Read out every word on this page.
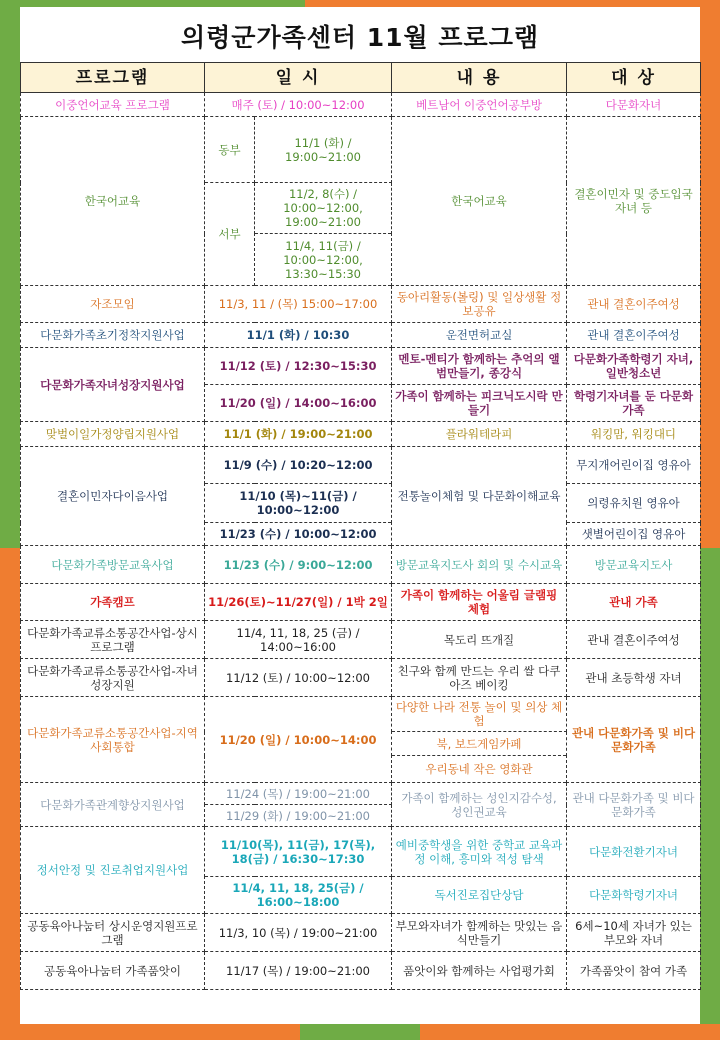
의령군가족센터 11월 프로그램
프로그램	일 시		내 용	대 상
이중언어교육 프로그램	매주 (토) / 10:00~12:00		베트남어 이중언어공부방	다문화자녀
한국어교육	동부	11/1 (화) / 19:00~21:00	한국어교육	결혼이민자 및 중도입국자녀 등
	서부	11/2, 8(수) / 10:00~12:00, 19:00~21:00		
		11/4, 11(금) / 10:00~12:00, 13:30~15:30		
자조모임	11/3, 11 / (목) 15:00~17:00		동아리활동(볼링) 및 일상생활 정보공유	관내 결혼이주여성
다문화가족초기정착지원사업	11/1 (화) / 10:30		운전면허교실	관내 결혼이주여성
다문화가족자녀성장지원사업	11/12 (토) / 12:30~15:30		멘토-멘티가 함께하는 추억의 앨범만들기, 종강식	다문화가족학령기 자녀, 일반청소년
	11/20 (일) / 14:00~16:00		가족이 함께하는 피크닉도시락 만들기	학령기자녀를 둔 다문화가족
맞벌이일가정양립지원사업	11/1 (화) / 19:00~21:00		플라워테라피	워킹맘, 워킹대디
결혼이민자다이음사업	11/9 (수) / 10:20~12:00		전통놀이체험 및 다문화이해교육	무지개어린이집 영유아
	11/10 (목)~11(금) / 10:00~12:00			의령유치원 영유아
	11/23 (수) / 10:00~12:00			샛별어린이집 영유아
다문화가족방문교육사업	11/23 (수) / 9:00~12:00		방문교육지도사 회의 및 수시교육	방문교육지도사
가족캠프	11/26(토)~11/27(일) / 1박 2일		가족이 함께하는 어울림 글램핑 체험	관내 가족
다문화가족교류소통공간사업-상시프로그램	11/4, 11, 18, 25 (금) / 14:00~16:00		목도리 뜨개질	관내 결혼이주여성
다문화가족교류소통공간사업-자녀성장지원	11/12 (토) / 10:00~12:00		친구와 함께 만드는 우리 쌀 다쿠아즈 베이킹	관내 초등학생 자녀
다문화가족교류소통공간사업-지역사회통합	11/20 (일) / 10:00~14:00		다양한 나라 전통 놀이 및 의상 체험	관내 다문화가족 및 비다문화가족
			북, 보드게임카페	
			우리동네 작은 영화관	
다문화가족관계향상지원사업	11/24 (목) / 19:00~21:00		가족이 함께하는 성인지감수성, 성인권교육	관내 다문화가족 및 비다문화가족
	11/29 (화) / 19:00~21:00			
정서안정 및 진로취업지원사업	11/10(목), 11(금), 17(목), 18(금) / 16:30~17:30		예비중학생을 위한 중학교 교육과정 이해, 흥미와 적성 탐색	다문화전환기자녀
	11/4, 11, 18, 25(금) / 16:00~18:00		독서진로집단상담	다문화학령기자녀
공동육아나눔터 상시운영지원프로그램	11/3, 10 (목) / 19:00~21:00		부모와자녀가 함께하는 맛있는 음식만들기	6세~10세 자녀가 있는 부모와 자녀
공동육아나눔터 가족품앗이	11/17 (목) / 19:00~21:00		품앗이와 함께하는 사업평가회	가족품앗이 참여 가족
